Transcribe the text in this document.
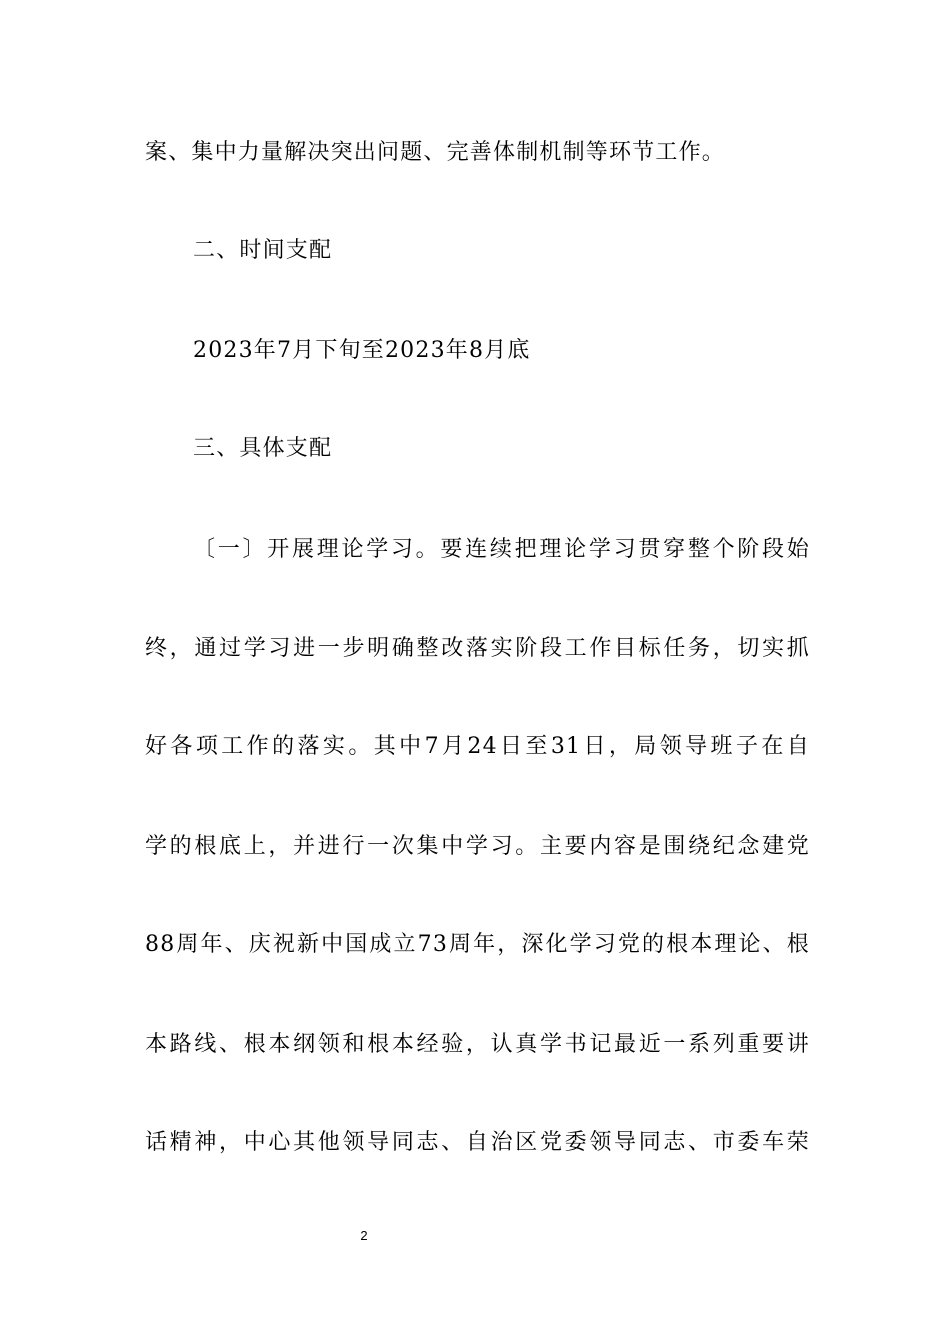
案、集中力量解决突出问题、完善体制机制等环节工作。
二、时间支配
2023年7月下旬至2023年8月底
三、具体支配
〔一〕开展理论学习。要连续把理论学习贯穿整个阶段始
终，通过学习进一步明确整改落实阶段工作目标任务，切实抓
好各项工作的落实。其中7月24日至31日，局领导班子在自
学的根底上，并进行一次集中学习。主要内容是围绕纪念建党
88周年、庆祝新中国成立73周年，深化学习党的根本理论、根
本路线、根本纲领和根本经验，认真学书记最近一系列重要讲
话精神，中心其他领导同志、自治区党委领导同志、市委车荣
2
